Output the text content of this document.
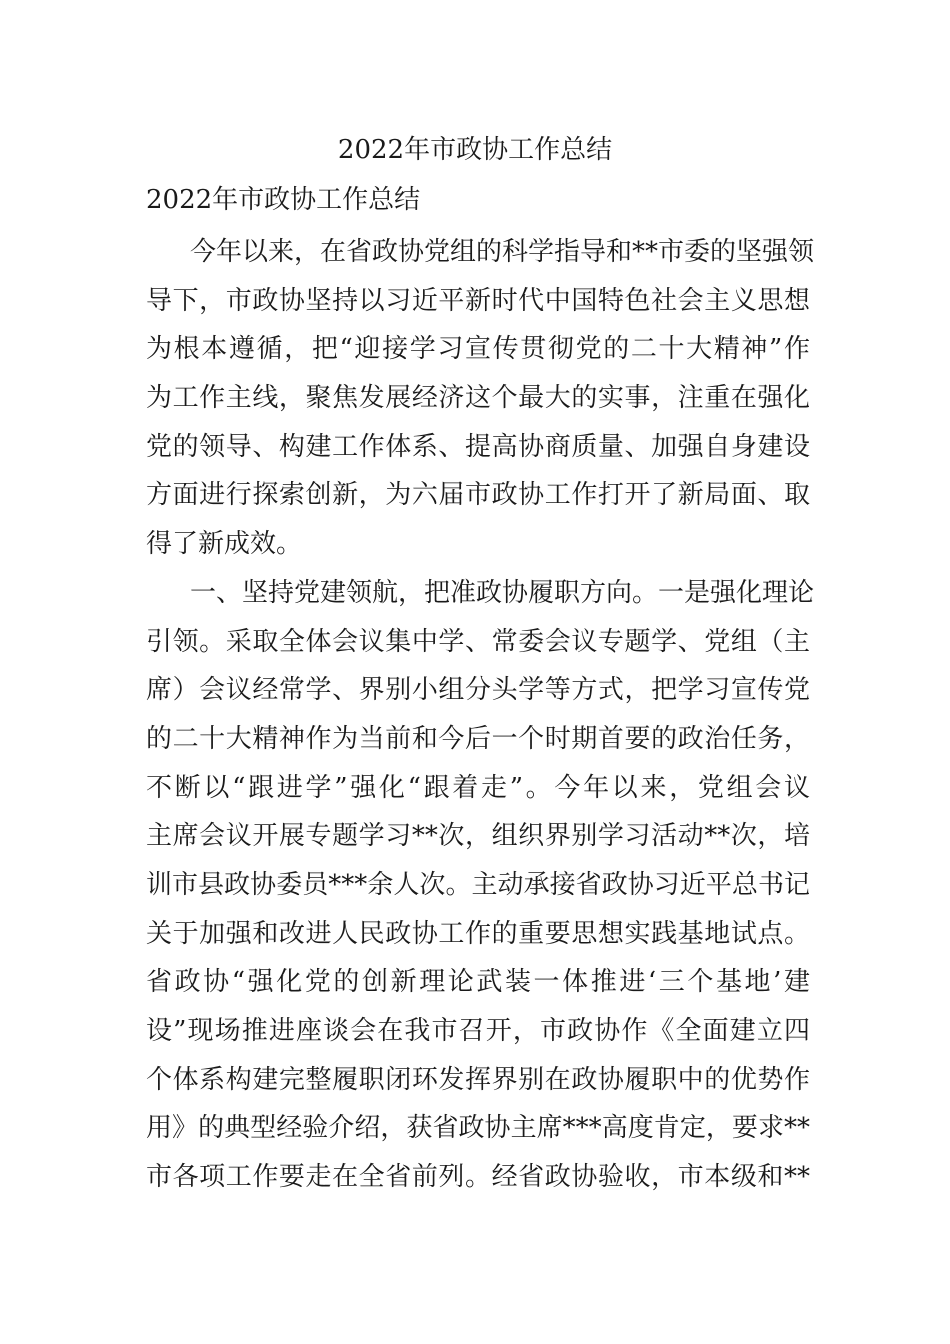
2022年市政协工作总结
2022年市政协工作总结
今年以来，在省政协党组的科学指导和**市委的坚强领
导下，市政协坚持以习近平新时代中国特色社会主义思想
为根本遵循，把“迎接学习宣传贯彻党的二十大精神”作
为工作主线，聚焦发展经济这个最大的实事，注重在强化
党的领导、构建工作体系、提高协商质量、加强自身建设
方面进行探索创新，为六届市政协工作打开了新局面、取
得了新成效。
一、坚持党建领航，把准政协履职方向。一是强化理论
引领。采取全体会议集中学、常委会议专题学、党组（主
席）会议经常学、界别小组分头学等方式，把学习宣传党
的二十大精神作为当前和今后一个时期首要的政治任务，
不断以“跟进学”强化“跟着走”。今年以来，党组会议
主席会议开展专题学习**次，组织界别学习活动**次，培
训市县政协委员***余人次。主动承接省政协习近平总书记
关于加强和改进人民政协工作的重要思想实践基地试点。
省政协“强化党的创新理论武装一体推进‘三个基地’建
设”现场推进座谈会在我市召开，市政协作《全面建立四
个体系构建完整履职闭环发挥界别在政协履职中的优势作
用》的典型经验介绍，获省政协主席***高度肯定，要求**
市各项工作要走在全省前列。经省政协验收，市本级和**
